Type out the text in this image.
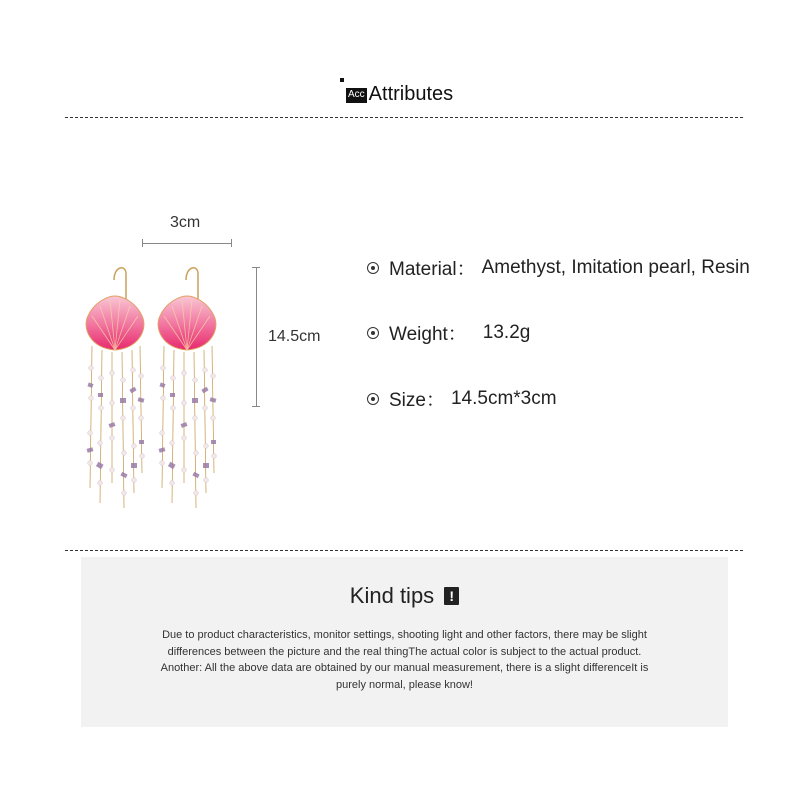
Acc Attributes
3cm
14.5cm
Material： Amethyst, Imitation pearl, Resin
Weight： 13.2g
Size： 14.5cm*3cm
Kind tips	!
Due to product characteristics, monitor settings, shooting light and other factors, there may be slight
differences between the picture and the real thingThe actual color is subject to the actual product.
Another: All the above data are obtained by our manual measurement, there is a slight differenceIt is
purely normal, please know!
